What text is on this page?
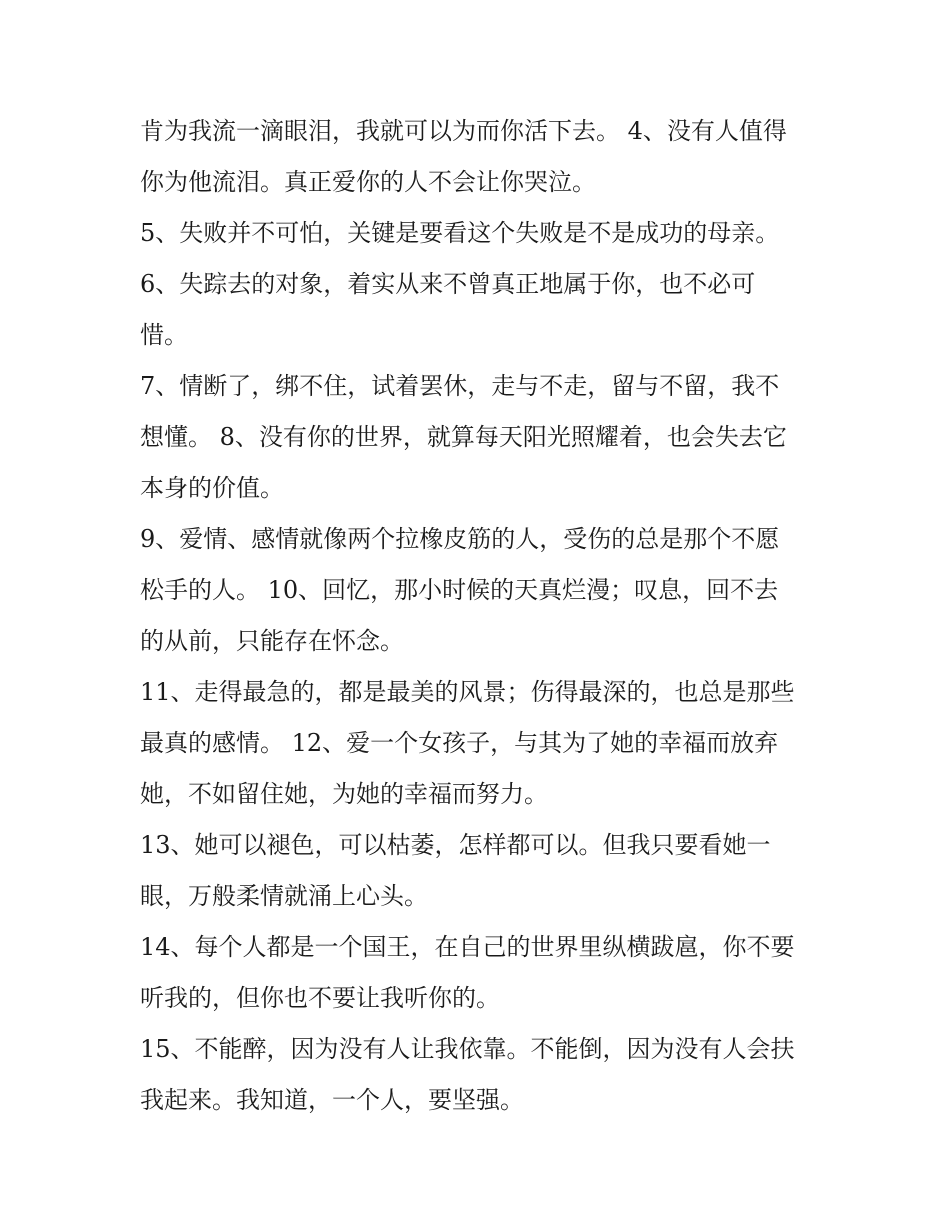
肯为我流一滴眼泪，我就可以为而你活下去。 4、没有人值得
你为他流泪。真正爱你的人不会让你哭泣。

5、失败并不可怕，关键是要看这个失败是不是成功的母亲。

6、失踪去的对象，着实从来不曾真正地属于你，也不必可
惜。

7、情断了，绑不住，试着罢休，走与不走，留与不留，我不
想懂。 8、没有你的世界，就算每天阳光照耀着，也会失去它
本身的价值。

9、爱情、感情就像两个拉橡皮筋的人，受伤的总是那个不愿
松手的人。 10、回忆，那小时候的天真烂漫；叹息，回不去
的从前，只能存在怀念。

11、走得最急的，都是最美的风景；伤得最深的，也总是那些
最真的感情。 12、爱一个女孩子，与其为了她的幸福而放弃
她，不如留住她，为她的幸福而努力。

13、她可以褪色，可以枯萎，怎样都可以。但我只要看她一
眼，万般柔情就涌上心头。

14、每个人都是一个国王，在自己的世界里纵横跋扈，你不要
听我的，但你也不要让我听你的。

15、不能醉，因为没有人让我依靠。不能倒，因为没有人会扶
我起来。我知道，一个人，要坚强。
